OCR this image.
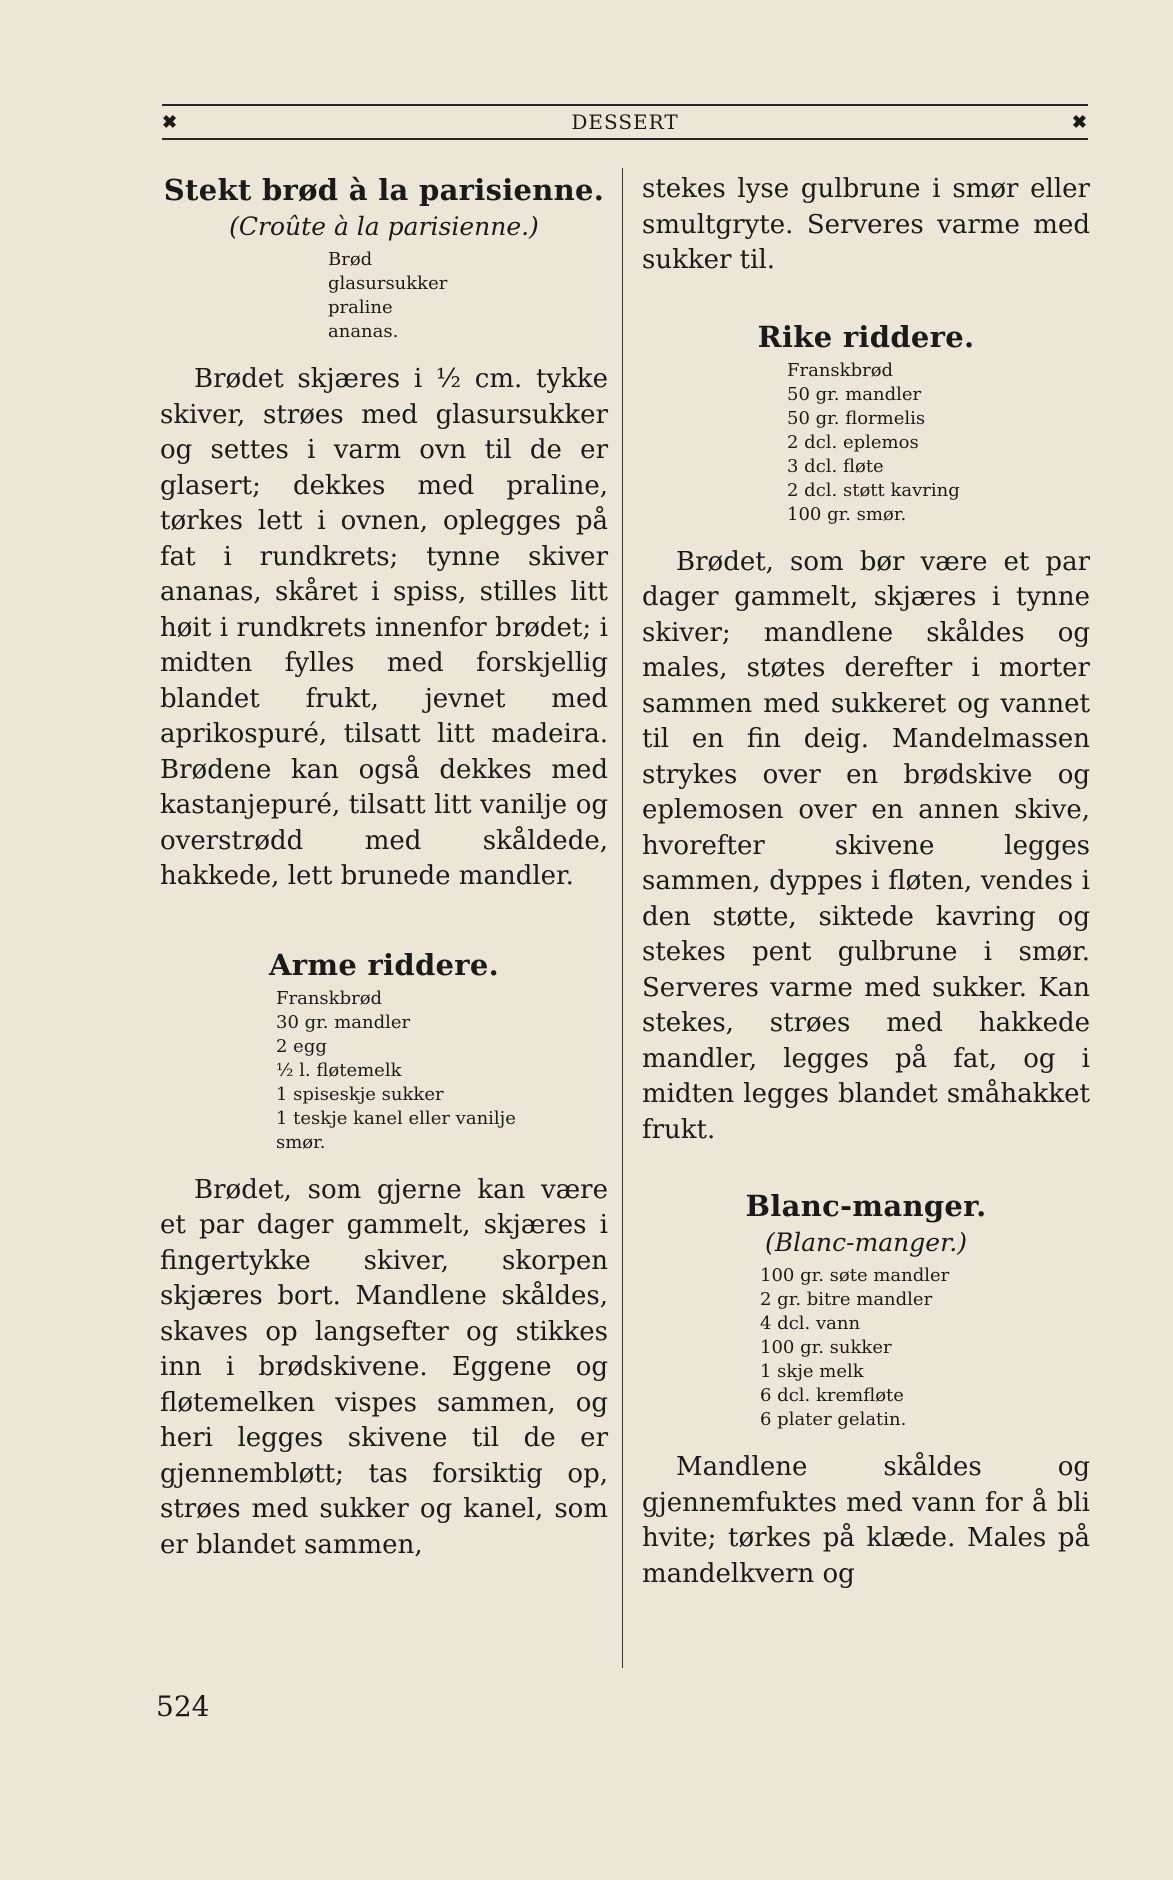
✖	DESSERT	✖
Stekt brød à la parisienne.
(Croûte à la parisienne.)
Brød
glasursukker
praline
ananas.

Brødet skjæres i ½ cm. tykke skiver, strøes med glasursukker og settes i varm ovn til de er glasert; dekkes med praline, tørkes lett i ovnen, oplegges på fat i rundkrets; tynne skiver ananas, skåret i spiss, stilles litt høit i rundkrets innenfor brødet; i midten fylles med forskjellig blandet frukt, jevnet med aprikospuré, tilsatt litt madeira. Brødene kan også dekkes med kastanjepuré, tilsatt litt vanilje og overstrødd med skåldede, hakkede, lett brunede mandler.

Arme riddere.
Franskbrød
30 gr. mandler
2 egg
½ l. fløtemelk
1 spiseskje sukker
1 teskje kanel eller vanilje
smør.

Brødet, som gjerne kan være et par dager gammelt, skjæres i fingertykke skiver, skorpen skjæres bort. Mandlene skåldes, skaves op langsefter og stikkes inn i brødskivene. Eggene og fløtemelken vispes sammen, og heri legges skivene til de er gjennembløtt; tas forsiktig op, strøes med sukker og kanel, som er blandet sammen,

stekes lyse gulbrune i smør eller smultgryte. Serveres varme med sukker til.

Rike riddere.
Franskbrød
50 gr. mandler
50 gr. flormelis
2 dcl. eplemos
3 dcl. fløte
2 dcl. støtt kavring
100 gr. smør.

Brødet, som bør være et par dager gammelt, skjæres i tynne skiver; mandlene skåldes og males, støtes derefter i morter sammen med sukkeret og vannet til en fin deig. Mandelmassen strykes over en brødskive og eplemosen over en annen skive, hvorefter skivene legges sammen, dyppes i fløten, vendes i den støtte, siktede kavring og stekes pent gulbrune i smør. Serveres varme med sukker. Kan stekes, strøes med hakkede mandler, legges på fat, og i midten legges blandet småhakket frukt.

Blanc-manger.
(Blanc-manger.)
100 gr. søte mandler
2 gr. bitre mandler
4 dcl. vann
100 gr. sukker
1 skje melk
6 dcl. kremfløte
6 plater gelatin.

Mandlene skåldes og gjennemfuktes med vann for å bli hvite; tørkes på klæde. Males på mandelkvern og

524
